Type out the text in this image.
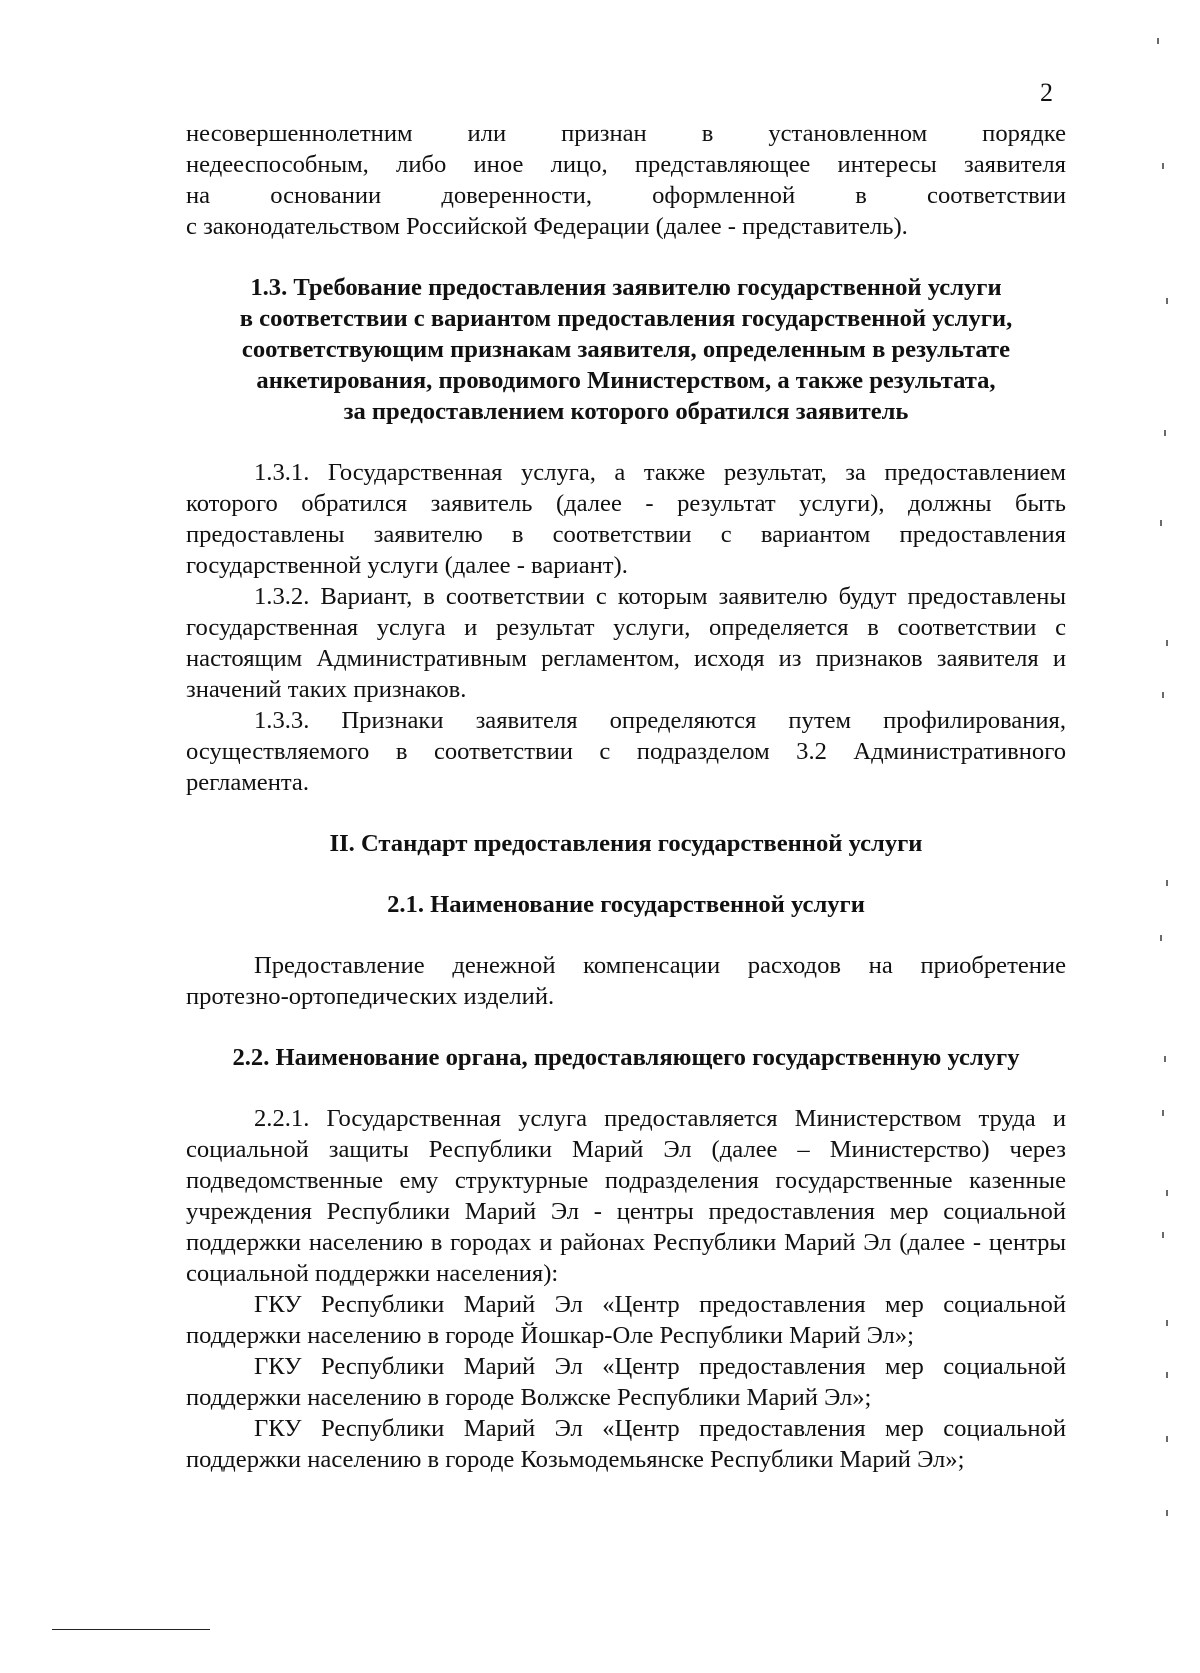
2

несовершеннолетним или признан в установленном порядке

недееспособным, либо иное лицо, представляющее интересы заявителя

на основании доверенности, оформленной в соответствии

с законодательством Российской Федерации (далее - представитель).

1.3. Требование предоставления заявителю государственной услуги

в соответствии с вариантом предоставления государственной услуги,

соответствующим признакам заявителя, определенным в результате

анкетирования, проводимого Министерством, а также результата,

за предоставлением которого обратился заявитель

1.3.1. Государственная услуга, а также результат, за предоставлением которого обратился заявитель (далее - результат услуги), должны быть предоставлены заявителю в соответствии с вариантом предоставления государственной услуги (далее - вариант).

1.3.2. Вариант, в соответствии с которым заявителю будут предоставлены государственная услуга и результат услуги, определяется в соответствии с настоящим Административным регламентом, исходя из признаков заявителя и значений таких признаков.

1.3.3. Признаки заявителя определяются путем профилирования, осуществляемого в соответствии с подразделом 3.2 Административного регламента.

II. Стандарт предоставления государственной услуги

2.1. Наименование государственной услуги

Предоставление денежной компенсации расходов на приобретение протезно-ортопедических изделий.

2.2. Наименование органа, предоставляющего государственную услугу

2.2.1. Государственная услуга предоставляется Министерством труда и социальной защиты Республики Марий Эл (далее – Министерство) через подведомственные ему структурные подразделения государственные казенные учреждения Республики Марий Эл - центры предоставления мер социальной поддержки населению в городах и районах Республики Марий Эл (далее - центры социальной поддержки населения):

ГКУ Республики Марий Эл «Центр предоставления мер социальной поддержки населению в городе Йошкар-Оле Республики Марий Эл»;

ГКУ Республики Марий Эл «Центр предоставления мер социальной поддержки населению в городе Волжске Республики Марий Эл»;

ГКУ Республики Марий Эл «Центр предоставления мер социальной поддержки населению в городе Козьмодемьянске Республики Марий Эл»;
